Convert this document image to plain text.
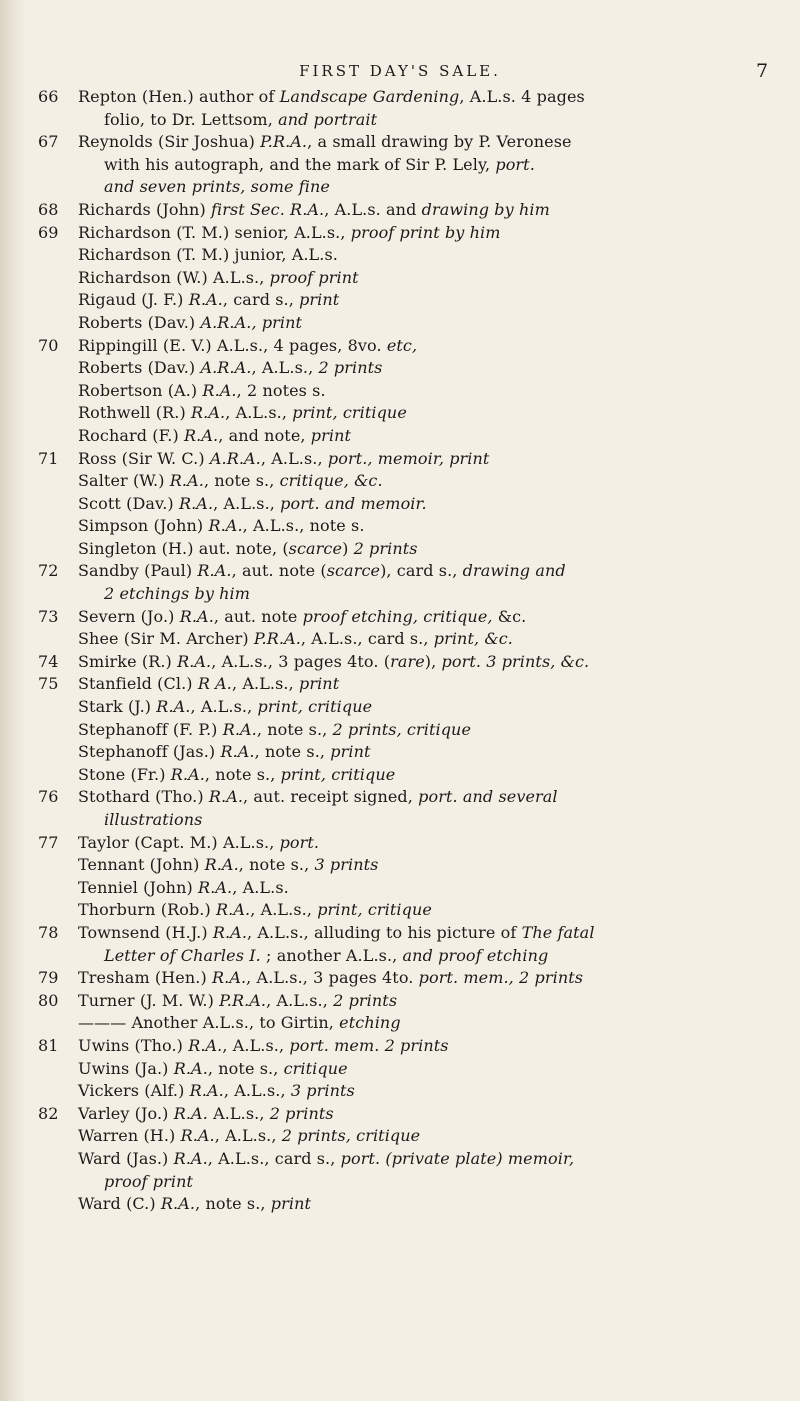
FIRST DAY'S SALE.	7
66 Repton (Hen.) author of Landscape Gardening, A.L.s. 4 pages
folio, to Dr. Lettsom, and portrait
67 Reynolds (Sir Joshua) P.R.A., a small drawing by P. Veronese
with his autograph, and the mark of Sir P. Lely, port.
and seven prints, some fine
68 Richards (John) first Sec. R.A., A.L.s. and drawing by him
69 Richardson (T. M.) senior, A.L.s., proof print by him
Richardson (T. M.) junior, A.L.s.
Richardson (W.) A.L.s., proof print
Rigaud (J. F.) R.A., card s., print
Roberts (Dav.) A.R.A., print
70 Rippingill (E. V.) A.L.s., 4 pages, 8vo. etc,
Roberts (Dav.) A.R.A., A.L.s., 2 prints
Robertson (A.) R.A., 2 notes s.
Rothwell (R.) R.A., A.L.s., print, critique
Rochard (F.) R.A., and note, print
71 Ross (Sir W. C.) A.R.A., A.L.s., port., memoir, print
Salter (W.) R.A., note s., critique, &c.
Scott (Dav.) R.A., A.L.s., port. and memoir.
Simpson (John) R.A., A.L.s., note s.
Singleton (H.) aut. note, (scarce) 2 prints
72 Sandby (Paul) R.A., aut. note (scarce), card s., drawing and
2 etchings by him
73 Severn (Jo.) R.A., aut. note proof etching, critique, &c.
Shee (Sir M. Archer) P.R.A., A.L.s., card s., print, &c.
74 Smirke (R.) R.A., A.L.s., 3 pages 4to. (rare), port. 3 prints, &c.
75 Stanfield (Cl.) R A., A.L.s., print
Stark (J.) R.A., A.L.s., print, critique
Stephanoff (F. P.) R.A., note s., 2 prints, critique
Stephanoff (Jas.) R.A., note s., print
Stone (Fr.) R.A., note s., print, critique
76 Stothard (Tho.) R.A., aut. receipt signed, port. and several
illustrations
77 Taylor (Capt. M.) A.L.s., port.
Tennant (John) R.A., note s., 3 prints
Tenniel (John) R.A., A.L.s.
Thorburn (Rob.) R.A., A.L.s., print, critique
78 Townsend (H.J.) R.A., A.L.s., alluding to his picture of The fatal
Letter of Charles I. ; another A.L.s., and proof etching
79 Tresham (Hen.) R.A., A.L.s., 3 pages 4to. port. mem., 2 prints
80 Turner (J. M. W.) P.R.A., A.L.s., 2 prints
——— Another A.L.s., to Girtin, etching
81 Uwins (Tho.) R.A., A.L.s., port. mem. 2 prints
Uwins (Ja.) R.A., note s., critique
Vickers (Alf.) R.A., A.L.s., 3 prints
82 Varley (Jo.) R.A. A.L.s., 2 prints
Warren (H.) R.A., A.L.s., 2 prints, critique
Ward (Jas.) R.A., A.L.s., card s., port. (private plate) memoir,
proof print
Ward (C.) R.A., note s., print
